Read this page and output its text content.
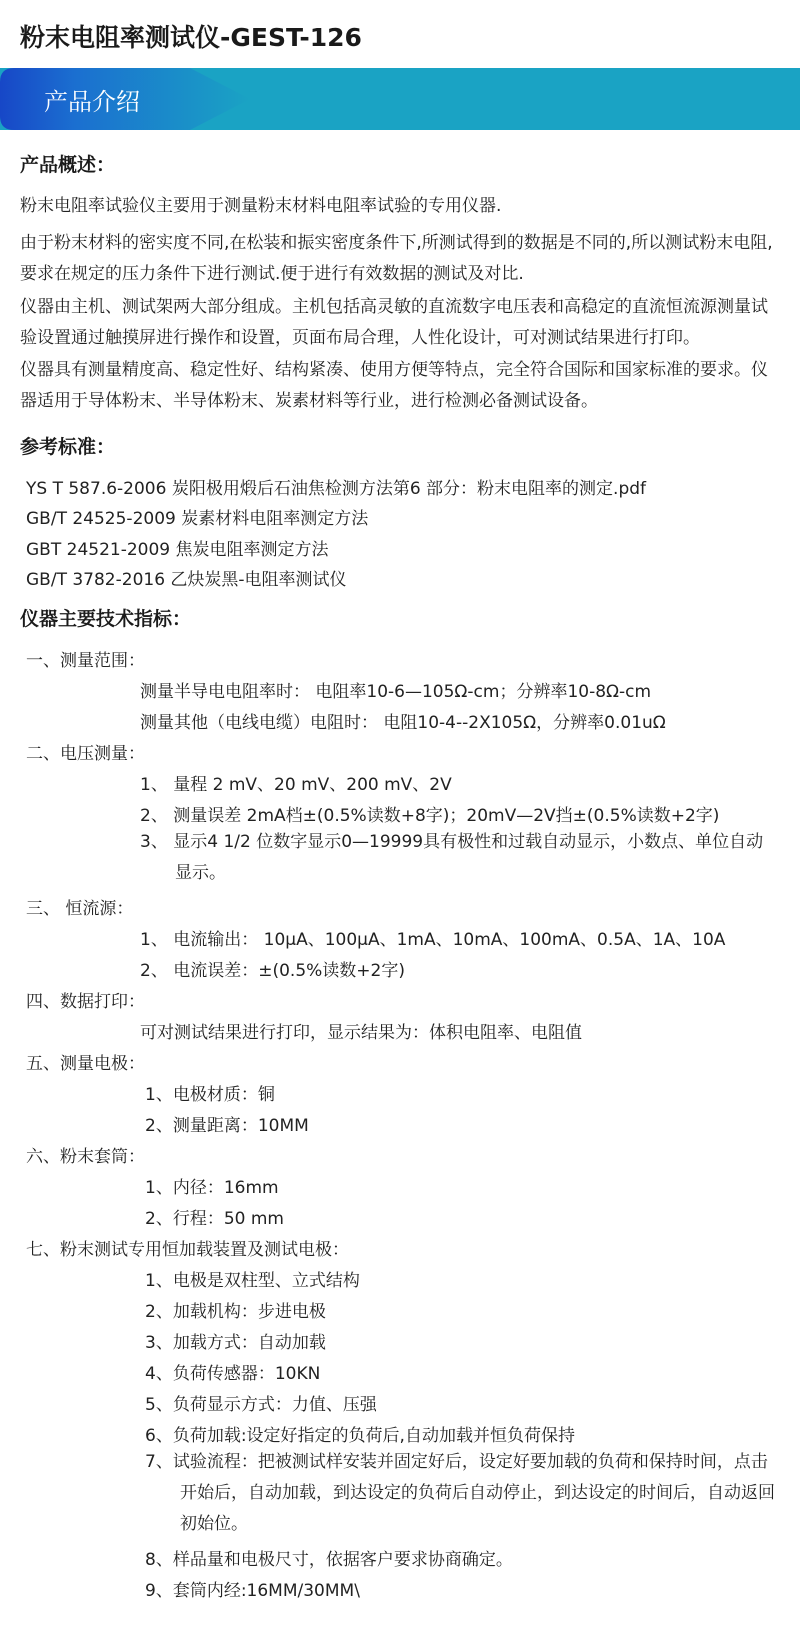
粉末电阻率测试仪-GEST-126
产品介绍
产品概述：
粉末电阻率试验仪主要用于测量粉末材料电阻率试验的专用仪器.
由于粉末材料的密实度不同,在松装和振实密度条件下,所测试得到的数据是不同的,所以测试粉末电阻,要求在规定的压力条件下进行测试.便于进行有效数据的测试及对比.
仪器由主机、测试架两大部分组成。主机包括高灵敏的直流数字电压表和高稳定的直流恒流源测量试验设置通过触摸屏进行操作和设置，页面布局合理，人性化设计，可对测试结果进行打印。
仪器具有测量精度高、稳定性好、结构紧凑、使用方便等特点，完全符合国际和国家标准的要求。仪器适用于导体粉末、半导体粉末、炭素材料等行业，进行检测必备测试设备。
参考标准：
YS T 587.6-2006 炭阳极用煅后石油焦检测方法第6 部分：粉末电阻率的测定.pdf
GB/T 24525-2009 炭素材料电阻率测定方法
GBT 24521-2009 焦炭电阻率测定方法
GB/T 3782-2016 乙炔炭黑-电阻率测试仪
仪器主要技术指标：
一、测量范围：
测量半导电电阻率时： 电阻率10-6—105Ω-cm；分辨率10-8Ω-cm
测量其他（电线电缆）电阻时： 电阻10-4--2X105Ω，分辨率0.01uΩ
二、电压测量：
1、 量程 2 mV、20 mV、200 mV、2V
2、 测量误差 2mA档±(0.5%读数+8字)；20mV—2V挡±(0.5%读数+2字)
3、 显示4 1/2 位数字显示0—19999具有极性和过载自动显示，小数点、单位自动显示。
三、 恒流源：
1、 电流输出： 10μA、100μA、1mA、10mA、100mA、0.5A、1A、10A
2、 电流误差：±(0.5%读数+2字)
四、数据打印：
可对测试结果进行打印，显示结果为：体积电阻率、电阻值
五、测量电极：
1、电极材质：铜
2、测量距离：10MM
六、粉末套筒：
1、内径：16mm
2、行程：50 mm
七、粉末测试专用恒加载装置及测试电极：
1、电极是双柱型、立式结构
2、加载机构：步进电极
3、加载方式：自动加载
4、负荷传感器：10KN
5、负荷显示方式：力值、压强
6、负荷加载:设定好指定的负荷后,自动加载并恒负荷保持
7、试验流程：把被测试样安装并固定好后，设定好要加载的负荷和保持时间，点击开始后，自动加载，到达设定的负荷后自动停止，到达设定的时间后，自动返回初始位。
8、样品量和电极尺寸，依据客户要求协商确定。
9、套筒内经:16MM/30MM\
